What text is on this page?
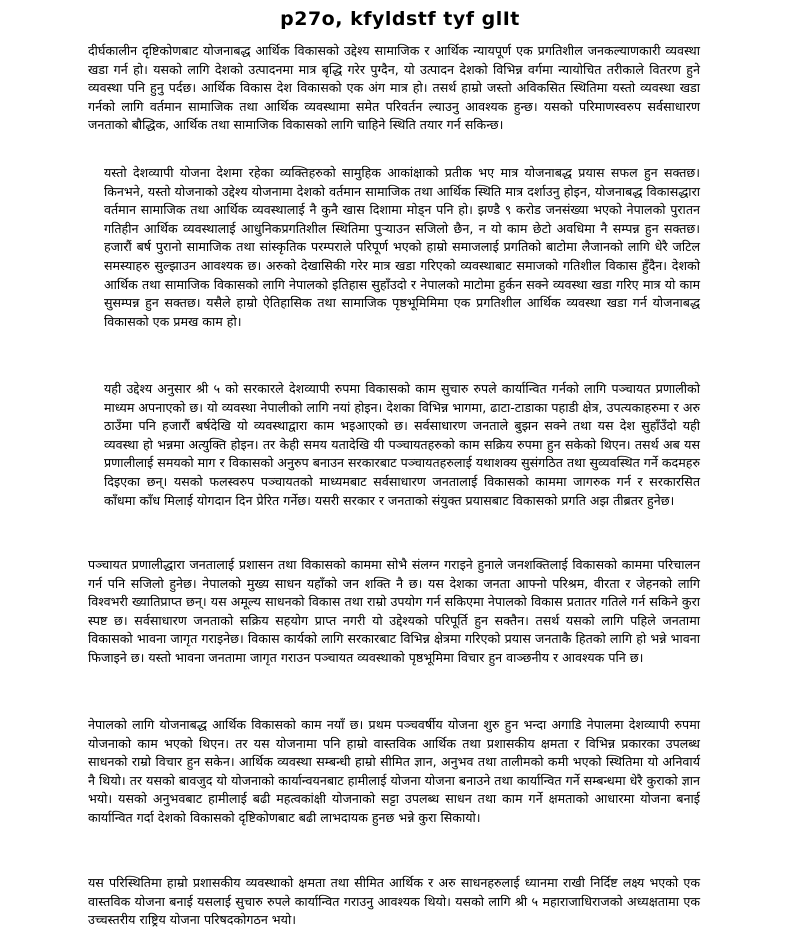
p27o, kfyldstf tyf glIt

दीर्घकालीन दृष्टिकोणबाट योजनाबद्ध आर्थिक विकासको उद्देश्य सामाजिक र आर्थिक न्यायपूर्ण एक प्रगतिशील जनकल्याणकारी व्यवस्था खडा गर्न हो। यसको लागि देशको उत्पादनमा मात्र बृद्धि गरेर पुग्दैन, यो उत्पादन देशको विभिन्न वर्गमा न्यायोचित तरीकाले वितरण हुने व्यवस्था पनि हुनु पर्दछ। आर्थिक विकास देश विकासको एक अंग मात्र हो। तसर्थ हाम्रो जस्तो अविकसित स्थितिमा यस्तो व्यवस्था खडा गर्नको लागि वर्तमान सामाजिक तथा आर्थिक व्यवस्थामा समेत परिवर्तन ल्याउनु आवश्यक हुन्छ। यसको परिमाणस्वरुप सर्वसाधारण जनताको बौद्धिक, आर्थिक तथा सामाजिक विकासको लागि चाहिने स्थिति तयार गर्न सकिन्छ।

यस्तो देशव्यापी योजना देशमा रहेका व्यक्तिहरुको सामुहिक आकांक्षाको प्रतीक भए मात्र योजनाबद्ध प्रयास सफल हुन सक्तछ। किनभने, यस्तो योजनाको उद्देश्य योजनामा देशको वर्तमान सामाजिक तथा आर्थिक स्थिति मात्र दर्शाउनु होइन, योजनाबद्ध विकासद्धारा वर्तमान सामाजिक तथा आर्थिक व्यवस्थालाई नै कुनै खास दिशामा मोड्न पनि हो। झण्डै ९ करोड जनसंख्या भएको नेपालको पुरातन गतिहीन आर्थिक व्यवस्थालाई आधुनिकप्रगतिशील स्थितिमा पुऱ्याउन सजिलो छैन, न यो काम छेटो अवधिमा नै सम्पन्न हुन सक्तछ। हजारौं बर्ष पुरानो सामाजिक तथा सांस्कृतिक परम्पराले परिपूर्ण भएको हाम्रो समाजलाई प्रगतिको बाटोमा लैजानको लागि धेरै जटिल समस्याहरु सुल्झाउन आवश्यक छ। अरुको देखासिकी गरेर मात्र खडा गरिएको व्यवस्थाबाट समाजको गतिशील विकास हुँदैन। देशको आर्थिक तथा सामाजिक विकासको लागि नेपालको इतिहास सुहाँउदो र नेपालको माटोमा हुर्कन सक्ने व्यवस्था खडा गरिए मात्र यो काम सुसम्पन्न हुन सक्तछ। यसैले हाम्रो ऐतिहासिक तथा सामाजिक पृष्ठभूमिमिमा एक प्रगतिशील आर्थिक व्यवस्था खडा गर्न योजनाबद्ध विकासको एक प्रमख काम हो।

यही उद्देश्य अनुसार श्री ५ को सरकारले देशव्यापी रुपमा विकासको काम सुचारु रुपले कार्यान्वित गर्नको लागि पञ्चायत प्रणालीको माध्यम अपनाएको छ। यो व्यवस्था नेपालीको लागि नयां होइन। देशका विभिन्न भागमा, ढाटा-टाडाका पहाडी क्षेत्र, उपत्यकाहरुमा र अरु ठाउँमा पनि हजारौं बर्षदेखि यो व्यवस्थाद्वारा काम भइआएको छ। सर्वसाधारण जनताले बुझन सक्ने तथा यस देश सुहाँउँदो यही व्यवस्था हो भन्नमा अत्युक्ति होइन। तर केही समय यतादेखि यी पञ्चायतहरुको काम सक्रिय रुपमा हुन सकेको थिएन। तसर्थ अब यस प्रणालीलाई समयको माग र विकासको अनुरुप बनाउन सरकारबाट पञ्चायतहरुलाई यथाशक्य सुसंगठित तथा सुव्यवस्थित गर्ने कदमहरु दिइएका छन्। यसको फलस्वरुप पञ्चायतको माध्यमबाट सर्वसाधारण जनतालाई विकासको काममा जागरुक गर्न र सरकारसित काँधमा काँध मिलाई योगदान दिन प्रेरित गर्नेछ। यसरी सरकार र जनताको संयुक्त प्रयासबाट विकासको प्रगति अझ तीब्रतर हुनेछ।

पञ्चायत प्रणालीद्धारा जनतालाई प्रशासन तथा विकासको काममा सोभै संलग्न गराइने हुनाले जनशक्तिलाई विकासको काममा परिचालन गर्न पनि सजिलो हुनेछ। नेपालको मुख्य साधन यहाँको जन शक्ति नै छ। यस देशका जनता आफ्नो परिश्रम, वीरता र जेहनको लागि विश्वभरी ख्यातिप्राप्त छन्। यस अमूल्य साधनको विकास तथा राम्रो उपयोग गर्न सकिएमा नेपालको विकास प्रतातर गतिले गर्न सकिने कुरा स्पष्ट छ। सर्वसाधारण जनताको सक्रिय सहयोग प्राप्त नगरी यो उद्देश्यको परिपूर्ति हुन सक्तैन। तसर्थ यसको लागि पहिले जनतामा विकासको भावना जागृत गराइनेछ। विकास कार्यको लागि सरकारबाट विभिन्न क्षेत्रमा गरिएको प्रयास जनताकै हितको लागि हो भन्ने भावना फिजाइने छ। यस्तो भावना जनतामा जागृत गराउन पञ्चायत व्यवस्थाको पृष्ठभूमिमा विचार हुन वाञ्छनीय र आवश्यक पनि छ।

नेपालको लागि योजनाबद्ध आर्थिक विकासको काम नयाँ छ। प्रथम पञ्चवर्षीय योजना शुरु हुन भन्दा अगाडि नेपालमा देशव्यापी रुपमा योजनाको काम भएको थिएन। तर यस योजनामा पनि हाम्रो वास्तविक आर्थिक तथा प्रशासकीय क्षमता र विभिन्न प्रकारका उपलब्ध साधनको राम्रो विचार हुन सकेन। आर्थिक व्यवस्था सम्बन्धी हाम्रो सीमित ज्ञान, अनुभव तथा तालीमको कमी भएको स्थितिमा यो अनिवार्य नै थियो। तर यसको बावजुद यो योजनाको कार्यान्वयनबाट हामीलाई योजना योजना बनाउने तथा कार्यान्वित गर्ने सम्बन्धमा धेरै कुराको ज्ञान भयो। यसको अनुभवबाट हामीलाई बढी महत्वकांक्षी योजनाको सट्टा उपलब्ध साधन तथा काम गर्ने क्षमताको आधारमा योजना बनाई कार्यान्वित गर्दा देशको विकासको दृष्टिकोणबाट बढी लाभदायक हुनछ भन्ने कुरा सिकायो।

यस परिस्थितिमा हाम्रो प्रशासकीय व्यवस्थाको क्षमता तथा सीमित आर्थिक र अरु साधनहरुलाई ध्यानमा राखी निर्दिष्ट लक्ष्य भएको एक वास्तविक योजना बनाई यसलाई सुचारु रुपले कार्यान्वित गराउनु आवश्यक थियो। यसको लागि श्री ५ महाराजाधिराजको अध्यक्षतामा एक उच्चस्तरीय राष्ट्रिय योजना परिषदकोगठन भयो।
